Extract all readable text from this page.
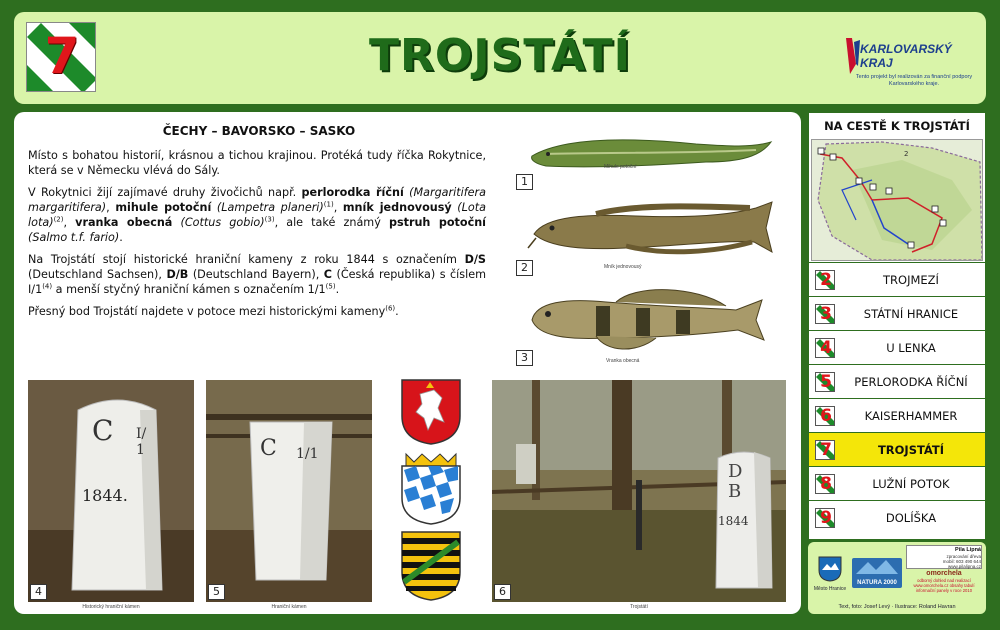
7	TROJSTÁTÍ	KARLOVARSKÝ
KRAJ
Tento projekt byl realizován za finanční podpory Karlovarského kraje.
ČECHY – BAVORSKO – SASKO

Místo s bohatou historií, krásnou a tichou krajinou. Protéká tudy říčka Rokytnice, která se v Německu vlévá do Sály.

V Rokytnici žijí zajímavé druhy živočichů např. perlorodka říční (Margaritifera margaritifera), mihule potoční (Lampetra planeri)$^{(1)}$, mník jednovousý (Lota lota)$^{(2)}$, vranka obecná (Cottus gobio)$^{(3)}$, ale také známý pstruh potoční (Salmo t.f. fario).

Na Trojstátí stojí historické hraniční kameny z roku 1844 s označením D/S (Deutschland Sachsen), D/B (Deutschland Bayern), C (Česká republika) s číslem I/1$^{(4)}$ a menší styčný hraniční kámen s označením 1/1$^{(5)}$.

Přesný bod Trojstátí najdete v potoce mezi historickými kameny$^{(6)}$.

Mihule potoční
1
Mník jednovousý
2
Vranka obecná
3
C I/1
1844.
4
Historický hraniční kámen
C 1/1
5
Hraniční kámen
D
B
1844
6
Trojstátí
NA CESTĚ K TROJSTÁTÍ
2
2	TROJMEZÍ
3	STÁTNÍ HRANICE
4	U LENKA
5	PERLORODKA ŘÍČNÍ
6	KAISERHAMMER
7	TROJSTÁTÍ
8	LUŽNÍ POTOK
9	DOLÍŠKA
Město Hranice
NATURA 2000
Pila Lipná
zpracování dřeva
mobil: 603 490 644
www.pilalipna.cz
omorchela
odborný dohled nad realizací www.omorchela.cz obsahy tabulí informační panely v roce 2010
Text, foto: Josef Levý · Ilustrace: Roland Havran
